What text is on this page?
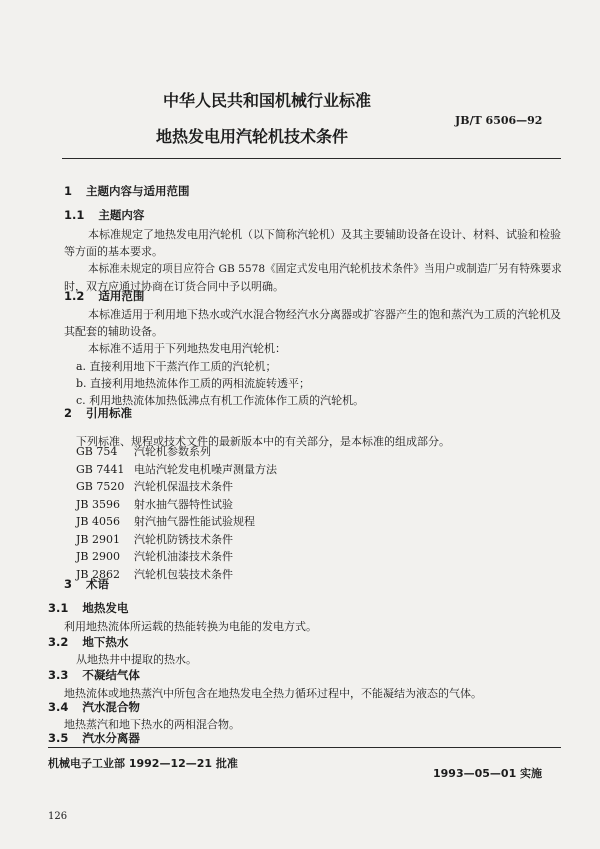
中华人民共和国机械行业标准
JB/T 6506—92
地热发电用汽轮机技术条件
1 主题内容与适用范围
1.1 主题内容
本标准规定了地热发电用汽轮机（以下简称汽轮机）及其主要辅助设备在设计、材料、试验和检验
等方面的基本要求。
本标准未规定的项目应符合 GB 5578《固定式发电用汽轮机技术条件》当用户或制造厂另有特殊要求
时，双方应通过协商在订货合同中予以明确。
1.2 适用范围
本标准适用于利用地下热水或汽水混合物经汽水分离器或扩容器产生的饱和蒸汽为工质的汽轮机及
其配套的辅助设备。
本标准不适用于下列地热发电用汽轮机：
a. 直接利用地下干蒸汽作工质的汽轮机；
b. 直接利用地热流体作工质的两相流旋转透平；
c. 利用地热流体加热低沸点有机工作流体作工质的汽轮机。
2 引用标准
下列标准、规程或技术文件的最新版本中的有关部分，是本标准的组成部分。
GB 754 汽轮机参数系列
GB 7441 电站汽轮发电机噪声测量方法
GB 7520 汽轮机保温技术条件
JB 3596 射水抽气器特性试验
JB 4056 射汽抽气器性能试验规程
JB 2901 汽轮机防锈技术条件
JB 2900 汽轮机油漆技术条件
JB 2862 汽轮机包装技术条件
3 术语
3.1 地热发电
利用地热流体所运载的热能转换为电能的发电方式。
3.2 地下热水
从地热井中提取的热水。
3.3 不凝结气体
地热流体或地热蒸汽中所包含在地热发电全热力循环过程中，不能凝结为液态的气体。
3.4 汽水混合物
地热蒸汽和地下热水的两相混合物。
3.5 汽水分离器
机械电子工业部 1992—12—21 批准
1993—05—01 实施
126
